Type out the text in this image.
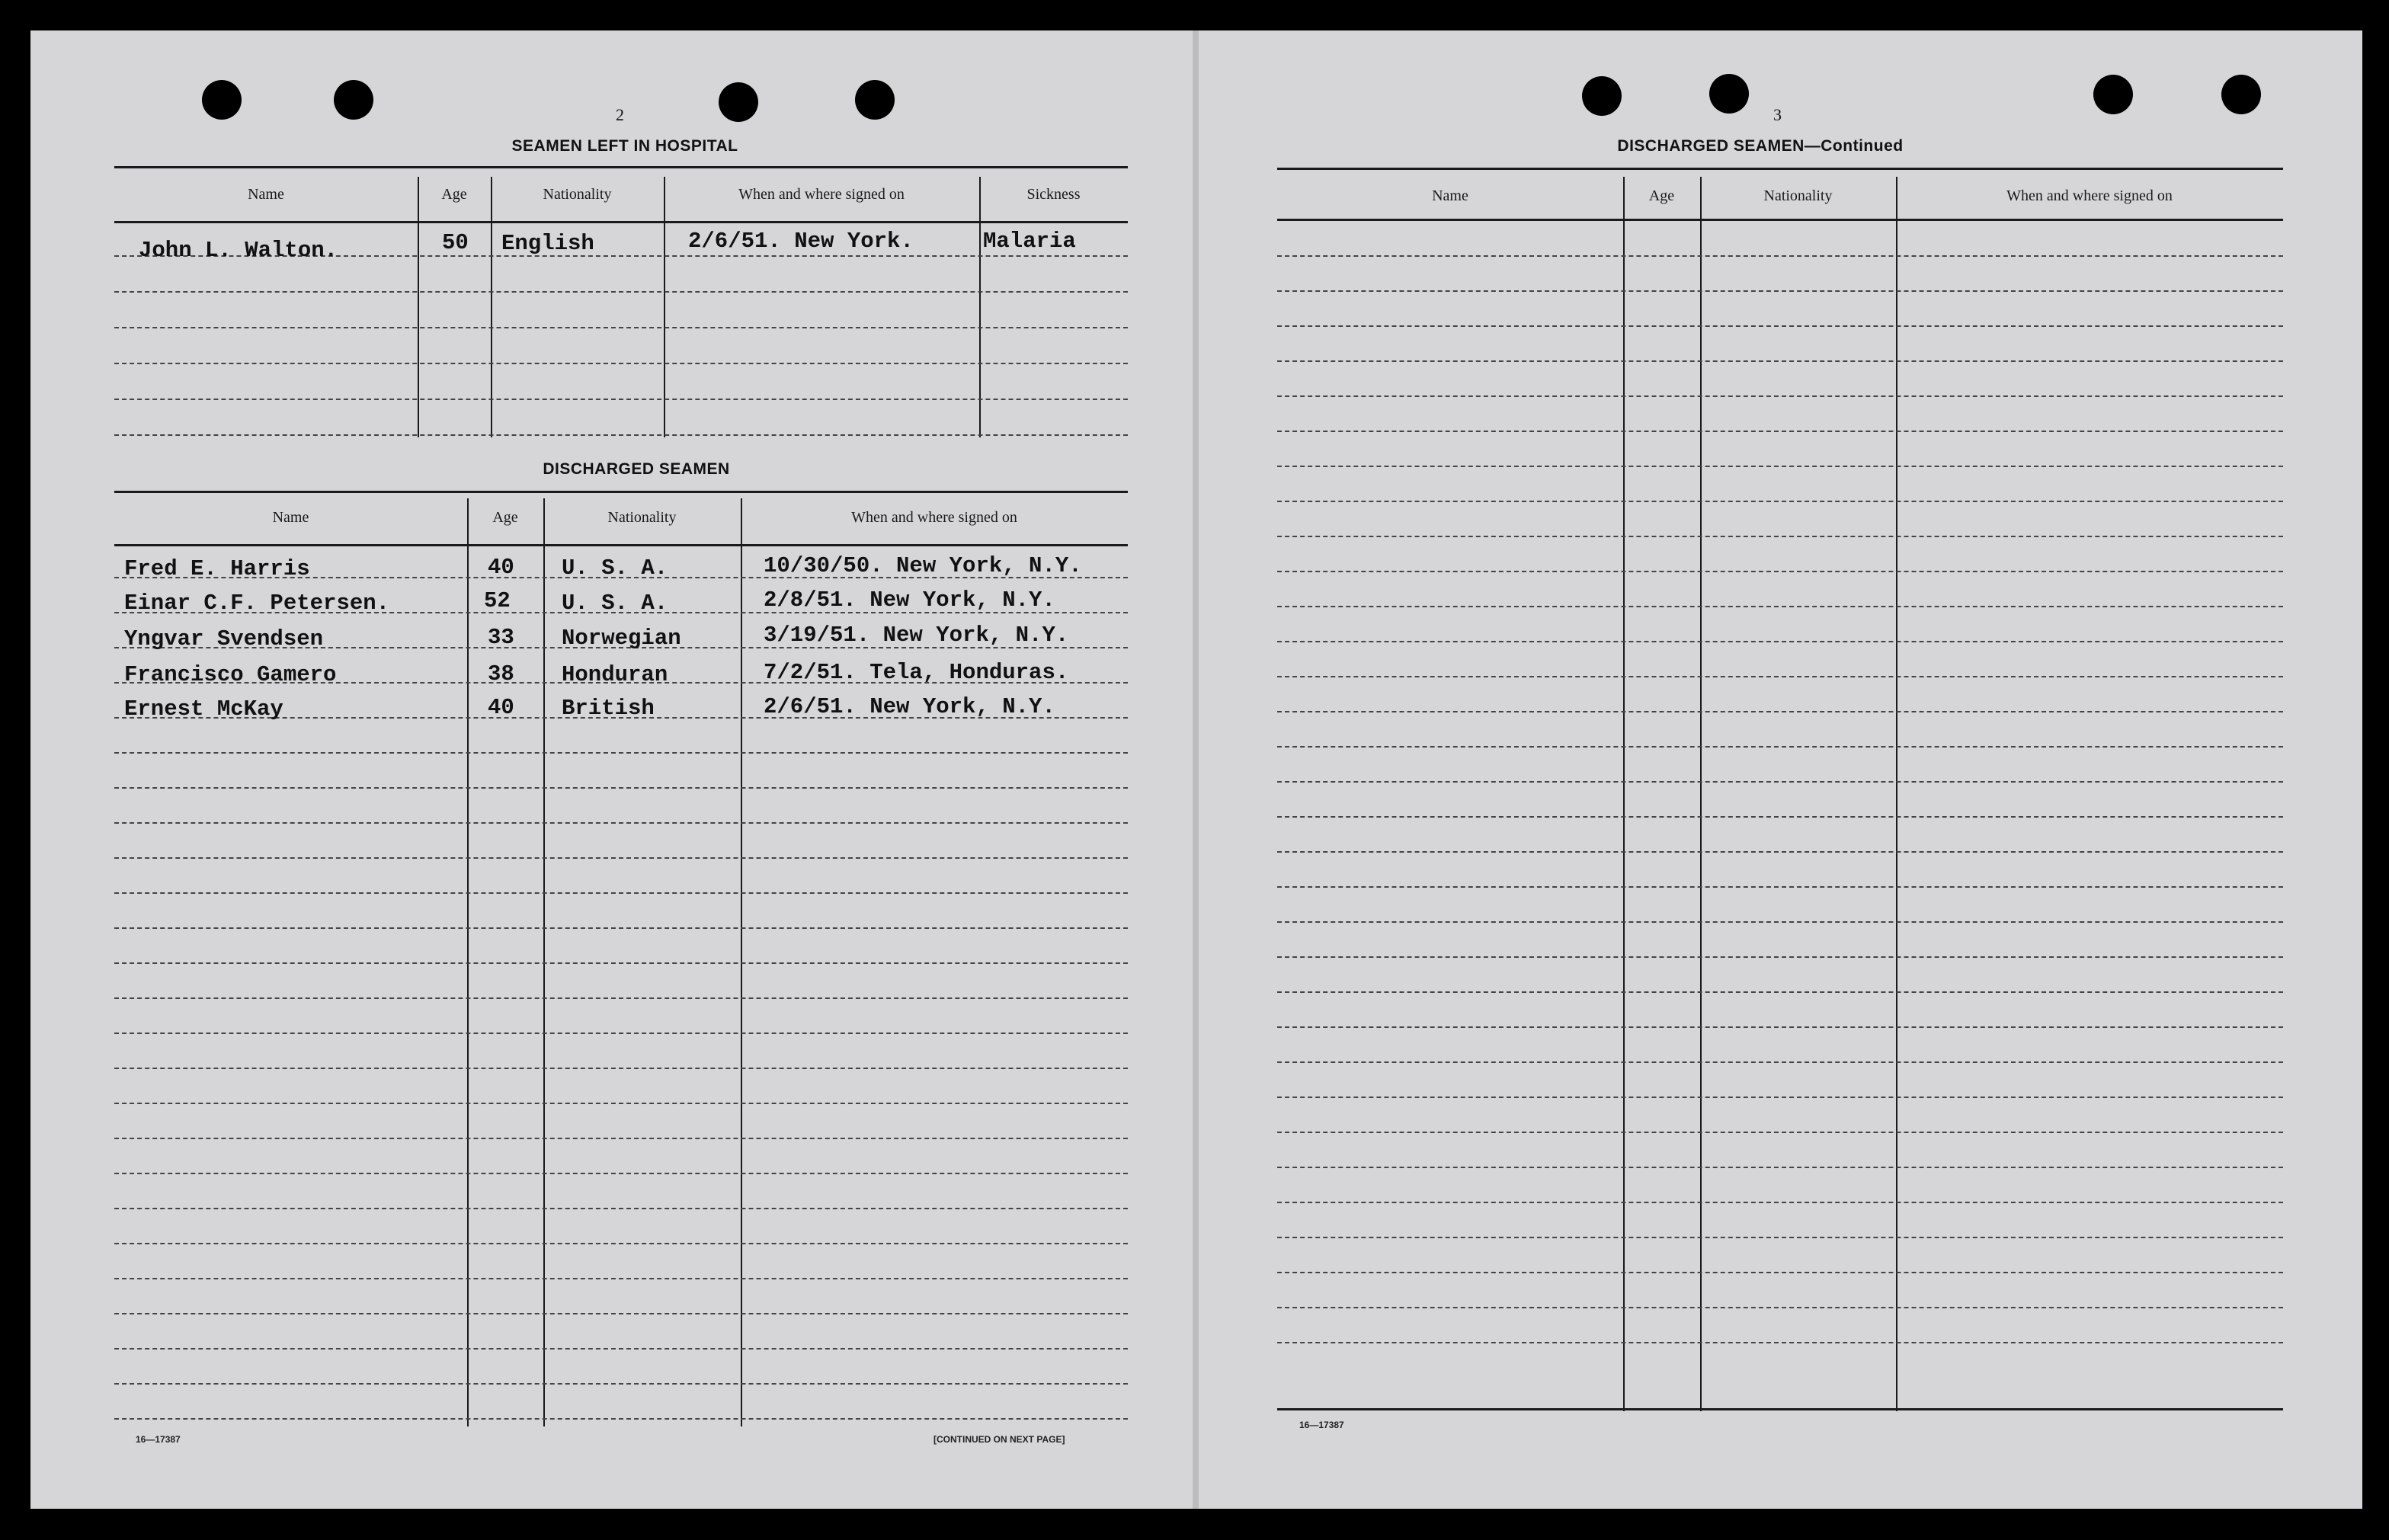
2
SEAMEN LEFT IN HOSPITAL
Name	Age	Nationality	When and where signed on	Sickness
John L. Walton.	50 English	2/6/51. New York.	Malaria
DISCHARGED SEAMEN
Name	Age	Nationality	When and where signed on
Fred E. Harris	40 U. S. A.	10/30/50. New York, N.Y.
Einar C.F. Petersen.	52 U. S. A.	2/8/51. New York, N.Y.
Yngvar Svendsen	33 Norwegian	3/19/51. New York, N.Y.
Francisco Gamero	38 Honduran	7/2/51. Tela, Honduras.
Ernest McKay	40 British	2/6/51. New York, N.Y.
16—17387	[CONTINUED ON NEXT PAGE]
3
DISCHARGED SEAMEN—Continued
Name	Age	Nationality	When and where signed on
16—17387
